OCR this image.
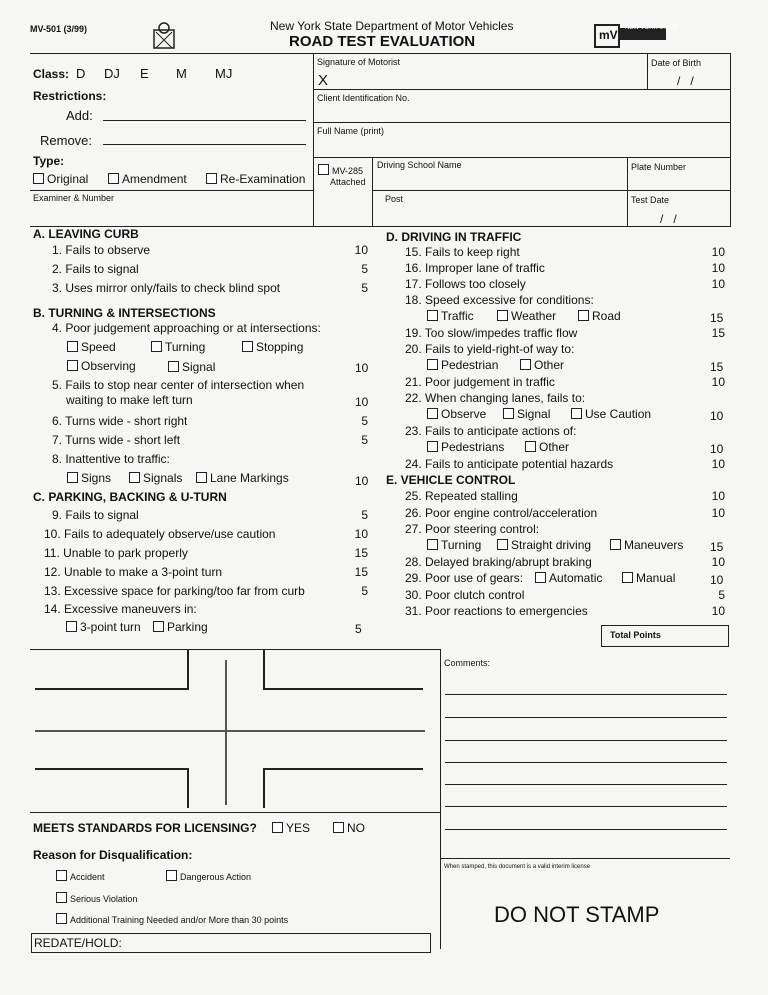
MV-501 (3/99)	New York State Department of Motor Vehicles
ROAD TEST EVALUATION	mV NEW YORK STATE
Class: D DJ E M MJ
Restrictions:
Add:
Remove:
Type:
Original	Amendment	Re-Examination
Examiner & Number
Signature of Motorist
X
Date of Birth
/   /
Client Identification No.
Full Name (print)
MV-285
Attached
Driving School Name	Plate Number
Post	Test Date
/   /
A. LEAVING CURB
1. Fails to observe	10
2. Fails to signal	5
3. Uses mirror only/fails to check blind spot	5
B. TURNING & INTERSECTIONS
4. Poor judgement approaching or at intersections:
Speed	Turning	Stopping
Observing	Signal	10
5. Fails to stop near center of intersection when
waiting to make left turn	10
6. Turns wide - short right	5
7. Turns wide - short left	5
8. Inattentive to traffic:
Signs	Signals	Lane Markings	10
C. PARKING, BACKING & U-TURN
9. Fails to signal	5
10. Fails to adequately observe/use caution	10
11. Unable to park properly	15
12. Unable to make a 3-point turn	15
13. Excessive space for parking/too far from curb	5
14. Excessive maneuvers in:
3-point turn	Parking	5
D. DRIVING IN TRAFFIC
15. Fails to keep right	10
16. Improper lane of traffic	10
17. Follows too closely	10
18. Speed excessive for conditions:
Traffic	Weather	Road	15
19. Too slow/impedes traffic flow	15
20. Fails to yield-right-of way to:
Pedestrian	Other	15
21. Poor judgement in traffic	10
22. When changing lanes, fails to:
Observe	Signal	Use Caution	10
23. Fails to anticipate actions of:
Pedestrians	Other	10
24. Fails to anticipate potential hazards	10
E. VEHICLE CONTROL
25. Repeated stalling	10
26. Poor engine control/acceleration	10
27. Poor steering control:
Turning	Straight driving	Maneuvers 15
28. Delayed braking/abrupt braking	10
29. Poor use of gears:	Automatic	Manual	10
30. Poor clutch control	5
31. Poor reactions to emergencies	10
Total Points
Comments:
MEETS STANDARDS FOR LICENSING?	YES	NO
Reason for Disqualification:
Accident	Dangerous Action
Serious Violation
Additional Training Needed and/or More than 30 points
When stamped, this document is a valid interim license
DO NOT STAMP
REDATE/HOLD:
